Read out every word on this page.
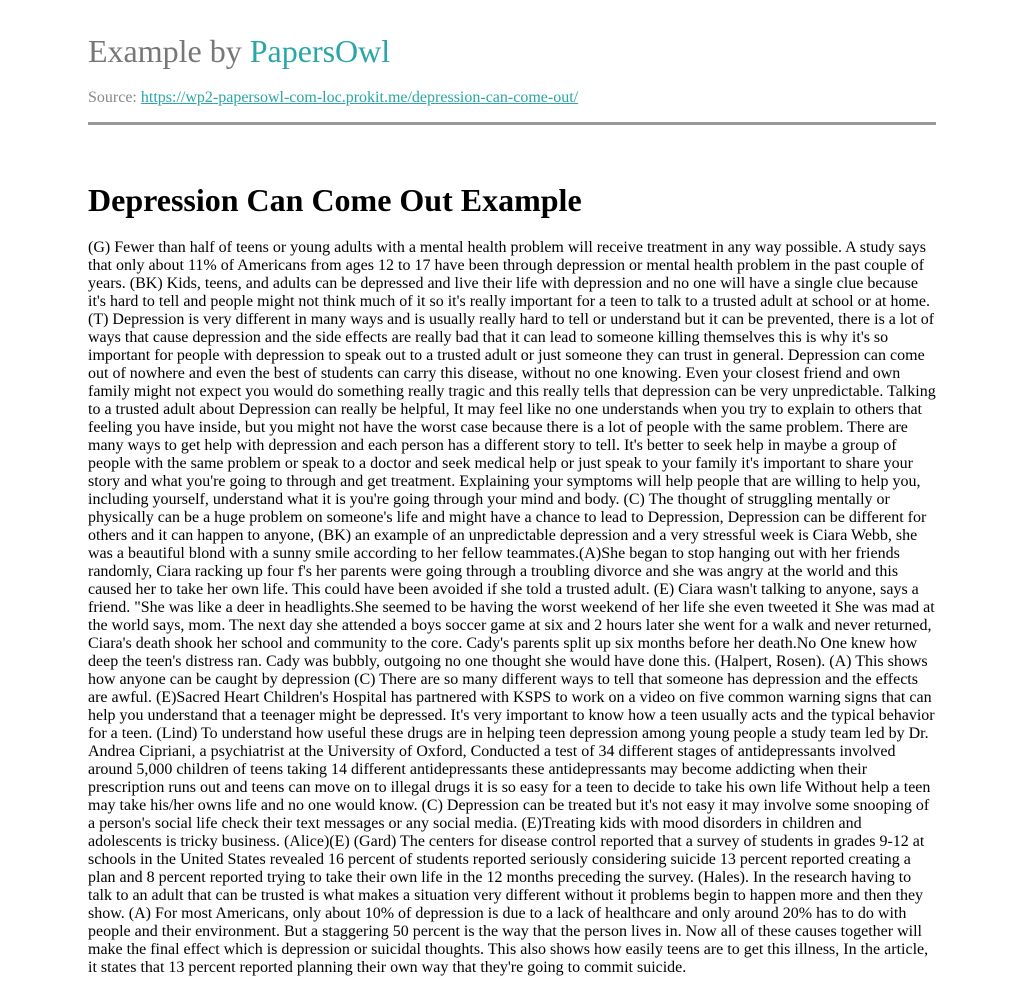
Example by PapersOwl
Source: https://wp2-papersowl-com-loc.prokit.me/depression-can-come-out/
Depression Can Come Out Example

(G) Fewer than half of teens or young adults with a mental health problem will receive treatment in any way possible. A study says that only about 11% of Americans from ages 12 to 17 have been through depression or mental health problem in the past couple of years. (BK) Kids, teens, and adults can be depressed and live their life with depression and no one will have a single clue because it's hard to tell and people might not think much of it so it's really important for a teen to talk to a trusted adult at school or at home. (T) Depression is very different in many ways and is usually really hard to tell or understand but it can be prevented, there is a lot of ways that cause depression and the side effects are really bad that it can lead to someone killing themselves this is why it's so important for people with depression to speak out to a trusted adult or just someone they can trust in general. Depression can come out of nowhere and even the best of students can carry this disease, without no one knowing. Even your closest friend and own family might not expect you would do something really tragic and this really tells that depression can be very unpredictable. Talking to a trusted adult about Depression can really be helpful, It may feel like no one understands when you try to explain to others that feeling you have inside, but you might not have the worst case because there is a lot of people with the same problem. There are many ways to get help with depression and each person has a different story to tell. It's better to seek help in maybe a group of people with the same problem or speak to a doctor and seek medical help or just speak to your family it's important to share your story and what you're going to through and get treatment. Explaining your symptoms will help people that are willing to help you, including yourself, understand what it is you're going through your mind and body. (C) The thought of struggling mentally or physically can be a huge problem on someone's life and might have a chance to lead to Depression, Depression can be different for others and it can happen to anyone, (BK) an example of an unpredictable depression and a very stressful week is Ciara Webb, she was a beautiful blond with a sunny smile according to her fellow teammates.(A)She began to stop hanging out with her friends randomly, Ciara racking up four f's her parents were going through a troubling divorce and she was angry at the world and this caused her to take her own life. This could have been avoided if she told a trusted adult. (E) Ciara wasn't talking to anyone, says a friend. "She was like a deer in headlights.She seemed to be having the worst weekend of her life she even tweeted it She was mad at the world says, mom. The next day she attended a boys soccer game at six and 2 hours later she went for a walk and never returned, Ciara's death shook her school and community to the core. Cady's parents split up six months before her death.No One knew how deep the teen's distress ran. Cady was bubbly, outgoing no one thought she would have done this. (Halpert, Rosen). (A) This shows how anyone can be caught by depression (C) There are so many different ways to tell that someone has depression and the effects are awful. (E)Sacred Heart Children's Hospital has partnered with KSPS to work on a video on five common warning signs that can help you understand that a teenager might be depressed. It's very important to know how a teen usually acts and the typical behavior for a teen. (Lind) To understand how useful these drugs are in helping teen depression among young people a study team led by Dr. Andrea Cipriani, a psychiatrist at the University of Oxford, Conducted a test of 34 different stages of antidepressants involved around 5,000 children of teens taking 14 different antidepressants these antidepressants may become addicting when their prescription runs out and teens can move on to illegal drugs it is so easy for a teen to decide to take his own life Without help a teen may take his/her owns life and no one would know. (C) Depression can be treated but it's not easy it may involve some snooping of a person's social life check their text messages or any social media. (E)Treating kids with mood disorders in children and adolescents is tricky business. (Alice)(E) (Gard) The centers for disease control reported that a survey of students in grades 9-12 at schools in the United States revealed 16 percent of students reported seriously considering suicide 13 percent reported creating a plan and 8 percent reported trying to take their own life in the 12 months preceding the survey. (Hales). In the research having to talk to an adult that can be trusted is what makes a situation very different without it problems begin to happen more and then they show. (A) For most Americans, only about 10% of depression is due to a lack of healthcare and only around 20% has to do with people and their environment. But a staggering 50 percent is the way that the person lives in. Now all of these causes together will make the final effect which is depression or suicidal thoughts. This also shows how easily teens are to get this illness, In the article, it states that 13 percent reported planning their own way that they're going to commit suicide.
